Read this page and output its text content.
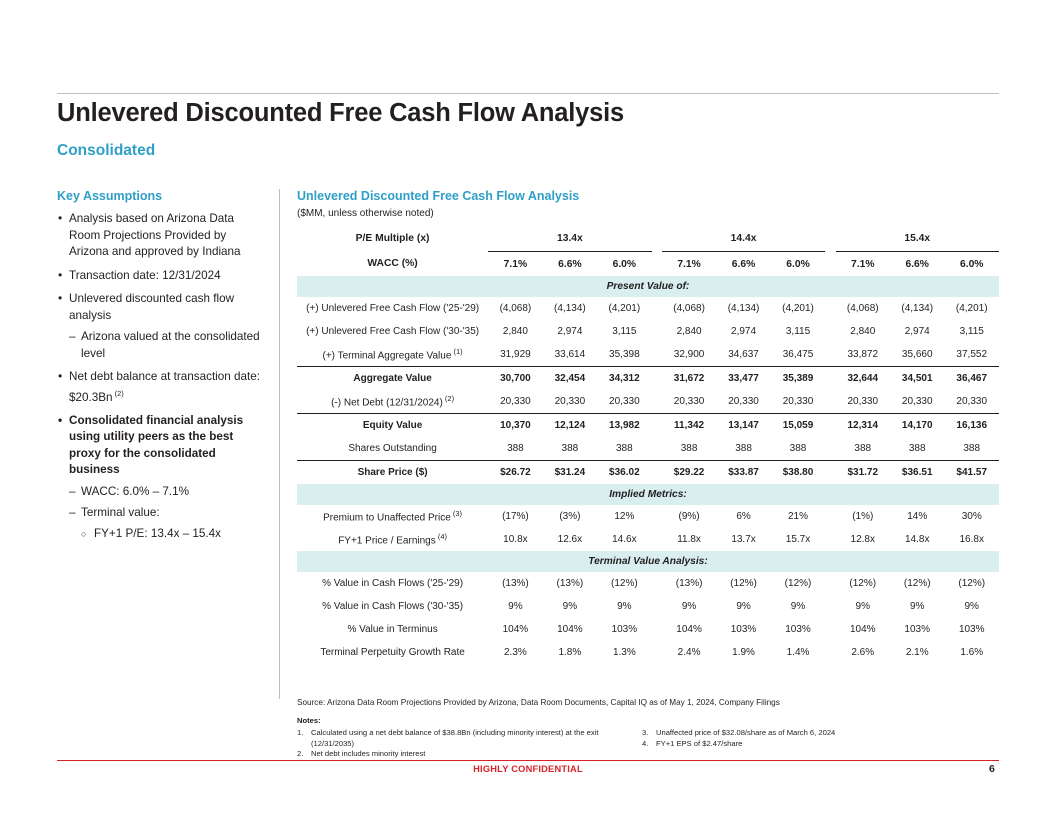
Unlevered Discounted Free Cash Flow Analysis
Consolidated
Key Assumptions
• Analysis based on Arizona Data Room Projections Provided by Arizona and approved by Indiana
• Transaction date: 12/31/2024
• Unlevered discounted cash flow analysis
– Arizona valued at the consolidated level
• Net debt balance at transaction date: $20.3Bn $^{(2)}$
• Consolidated financial analysis using utility peers as the best proxy for the consolidated business
– WACC: 6.0% – 7.1%
– Terminal value:
○ FY+1 P/E: 13.4x – 15.4x
Unlevered Discounted Free Cash Flow Analysis
($MM, unless otherwise noted)
P/E Multiple (x)	13.4x				14.4x				15.4x		
WACC (%)	7.1%	6.6%	6.0%		7.1%	6.6%	6.0%		7.1%	6.6%	6.0%
Present Value of:											
(+) Unlevered Free Cash Flow ('25-'29)	(4,068)	(4,134)	(4,201)		(4,068)	(4,134)	(4,201)		(4,068)	(4,134)	(4,201)
(+) Unlevered Free Cash Flow ('30-'35)	2,840	2,974	3,115		2,840	2,974	3,115		2,840	2,974	3,115
(+) Terminal Aggregate Value $^{(1)}$	31,929	33,614	35,398		32,900	34,637	36,475		33,872	35,660	37,552
Aggregate Value	30,700	32,454	34,312		31,672	33,477	35,389		32,644	34,501	36,467
(-) Net Debt (12/31/2024) $^{(2)}$	20,330	20,330	20,330		20,330	20,330	20,330		20,330	20,330	20,330
Equity Value	10,370	12,124	13,982		11,342	13,147	15,059		12,314	14,170	16,136
Shares Outstanding	388	388	388		388	388	388		388	388	388
Share Price ($)	$26.72	$31.24	$36.02		$29.22	$33.87	$38.80		$31.72	$36.51	$41.57
Implied Metrics:											
Premium to Unaffected Price $^{(3)}$	(17%)	(3%)	12%		(9%)	6%	21%		(1%)	14%	30%
FY+1 Price / Earnings $^{(4)}$	10.8x	12.6x	14.6x		11.8x	13.7x	15.7x		12.8x	14.8x	16.8x
Terminal Value Analysis:											
% Value in Cash Flows ('25-'29)	(13%)	(13%)	(12%)		(13%)	(12%)	(12%)		(12%)	(12%)	(12%)
% Value in Cash Flows ('30-'35)	9%	9%	9%		9%	9%	9%		9%	9%	9%
% Value in Terminus	104%	104%	103%		104%	103%	103%		104%	103%	103%
Terminal Perpetuity Growth Rate	2.3%	1.8%	1.3%		2.4%	1.9%	1.4%		2.6%	2.1%	1.6%
Source: Arizona Data Room Projections Provided by Arizona, Data Room Documents, Capital IQ as of May 1, 2024, Company Filings
Notes:
1. Calculated using a net debt balance of $38.8Bn (including minority interest) at the exit
(12/31/2035)
2. Net debt includes minority interest
3. Unaffected price of $32.08/share as of March 6, 2024
4. FY+1 EPS of $2.47/share
HIGHLY CONFIDENTIAL	6
